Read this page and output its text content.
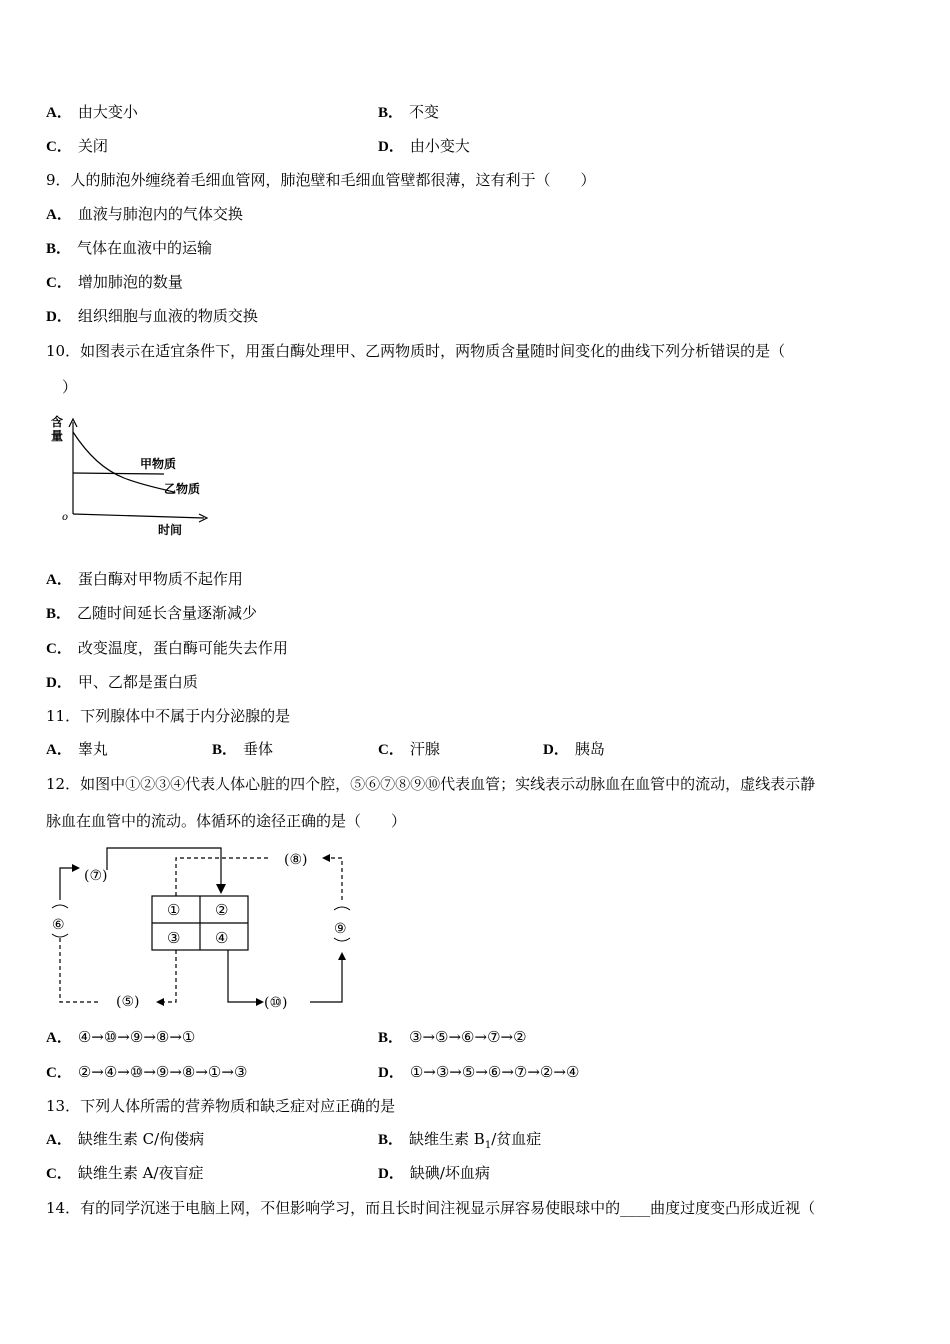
A． 由大变小	B． 不变
C． 关闭	D． 由小变大
9．人的肺泡外缠绕着毛细血管网，肺泡壁和毛细血管壁都很薄，这有利于（　　）
A． 血液与肺泡内的气体交换
B． 气体在血液中的运输
C． 增加肺泡的数量
D． 组织细胞与血液的物质交换
10．如图表示在适宜条件下，用蛋白酶处理甲、乙两物质时，两物质含量随时间变化的曲线下列分析错误的是（
）
含
量
o
时间
甲物质
乙物质
A． 蛋白酶对甲物质不起作用
B． 乙随时间延长含量逐渐减少
C． 改变温度，蛋白酶可能失去作用
D． 甲、乙都是蛋白质
11．下列腺体中不属于内分泌腺的是
A． 睾丸	B． 垂体	C． 汗腺	D． 胰岛
12．如图中①②③④代表人体心脏的四个腔，⑤⑥⑦⑧⑨⑩代表血管；实线表示动脉血在血管中的流动，虚线表示静
脉血在血管中的流动。体循环的途径正确的是（　　）
① ②
③ ④
(⑦)
(⑧)
(⑤)	(⑩)
⑥	⑨
A． ④→⑩→⑨→⑧→①	B． ③→⑤→⑥→⑦→②
C． ②→④→⑩→⑨→⑧→①→③	D． ①→③→⑤→⑥→⑦→②→④
13．下列人体所需的营养物质和缺乏症对应正确的是
A． 缺维生素 C/佝偻病	B． 缺维生素 $B_1/$贫血症
C． 缺维生素 A/夜盲症	D． 缺碘/坏血病
14．有的同学沉迷于电脑上网，不但影响学习，而且长时间注视显示屏容易使眼球中的____曲度过度变凸形成近视（
